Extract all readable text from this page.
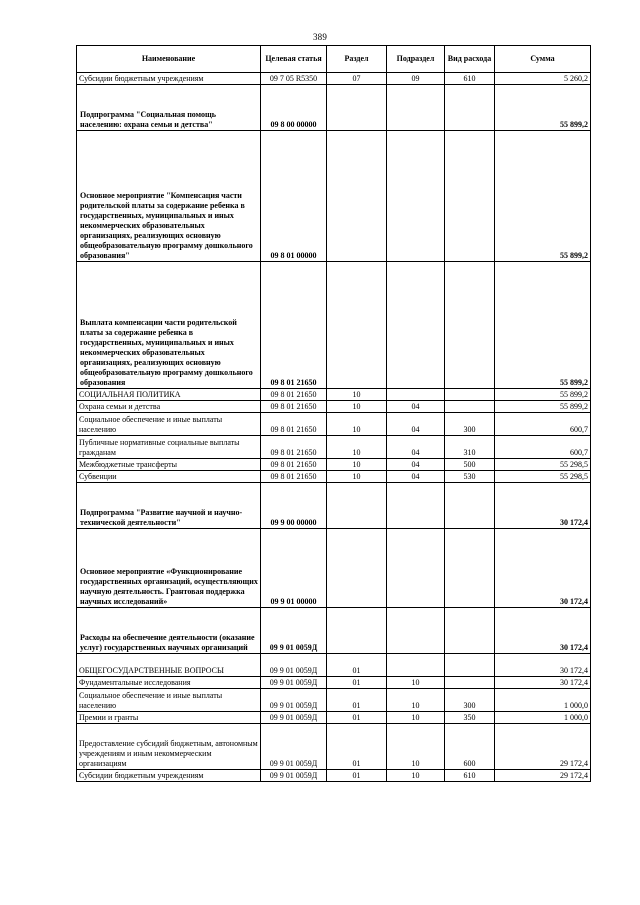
389
Наименование	Целевая статья	Раздел	Подраздел	Вид расхода	Сумма
Субсидии бюджетным учреждениям	09 7 05 R5350	07	09	610	5 260,2
Подпрограмма "Социальная помощь населению: охрана семьи и детства"	09 8 00 00000				55 899,2
Основное мероприятие "Компенсация части родительской платы за содержание ребенка в государственных, муниципальных и иных некоммерческих образовательных организациях, реализующих основную общеобразовательную программу дошкольного образования"	09 8 01 00000				55 899,2
Выплата компенсации части родительской платы за содержание ребенка в государственных, муниципальных и иных некоммерческих образовательных организациях, реализующих основную общеобразовательную программу дошкольного образования	09 8 01 21650				55 899,2
СОЦИАЛЬНАЯ ПОЛИТИКА	09 8 01 21650	10			55 899,2
Охрана семьи и детства	09 8 01 21650	10	04		55 899,2
Социальное обеспечение и иные выплаты населению	09 8 01 21650	10	04	300	600,7
Публичные нормативные социальные выплаты гражданам	09 8 01 21650	10	04	310	600,7
Межбюджетные трансферты	09 8 01 21650	10	04	500	55 298,5
Субвенции	09 8 01 21650	10	04	530	55 298,5
Подпрограмма "Развитие научной и научно-технической деятельности"	09 9 00 00000				30 172,4
Основное мероприятие «Функционирование государственных организаций, осуществляющих научную деятельность. Грантовая поддержка научных исследований»	09 9 01 00000				30 172,4
Расходы на обеспечение деятельности (оказание услуг) государственных научных организаций	09 9 01 0059Д				30 172,4
ОБЩЕГОСУДАРСТВЕННЫЕ ВОПРОСЫ	09 9 01 0059Д	01			30 172,4
Фундаментальные исследования	09 9 01 0059Д	01	10		30 172,4
Социальное обеспечение и иные выплаты населению	09 9 01 0059Д	01	10	300	1 000,0
Премии и гранты	09 9 01 0059Д	01	10	350	1 000,0
Предоставление субсидий бюджетным, автономным учреждениям и иным некоммерческим организациям	09 9 01 0059Д	01	10	600	29 172,4
Субсидии бюджетным учреждениям	09 9 01 0059Д	01	10	610	29 172,4
